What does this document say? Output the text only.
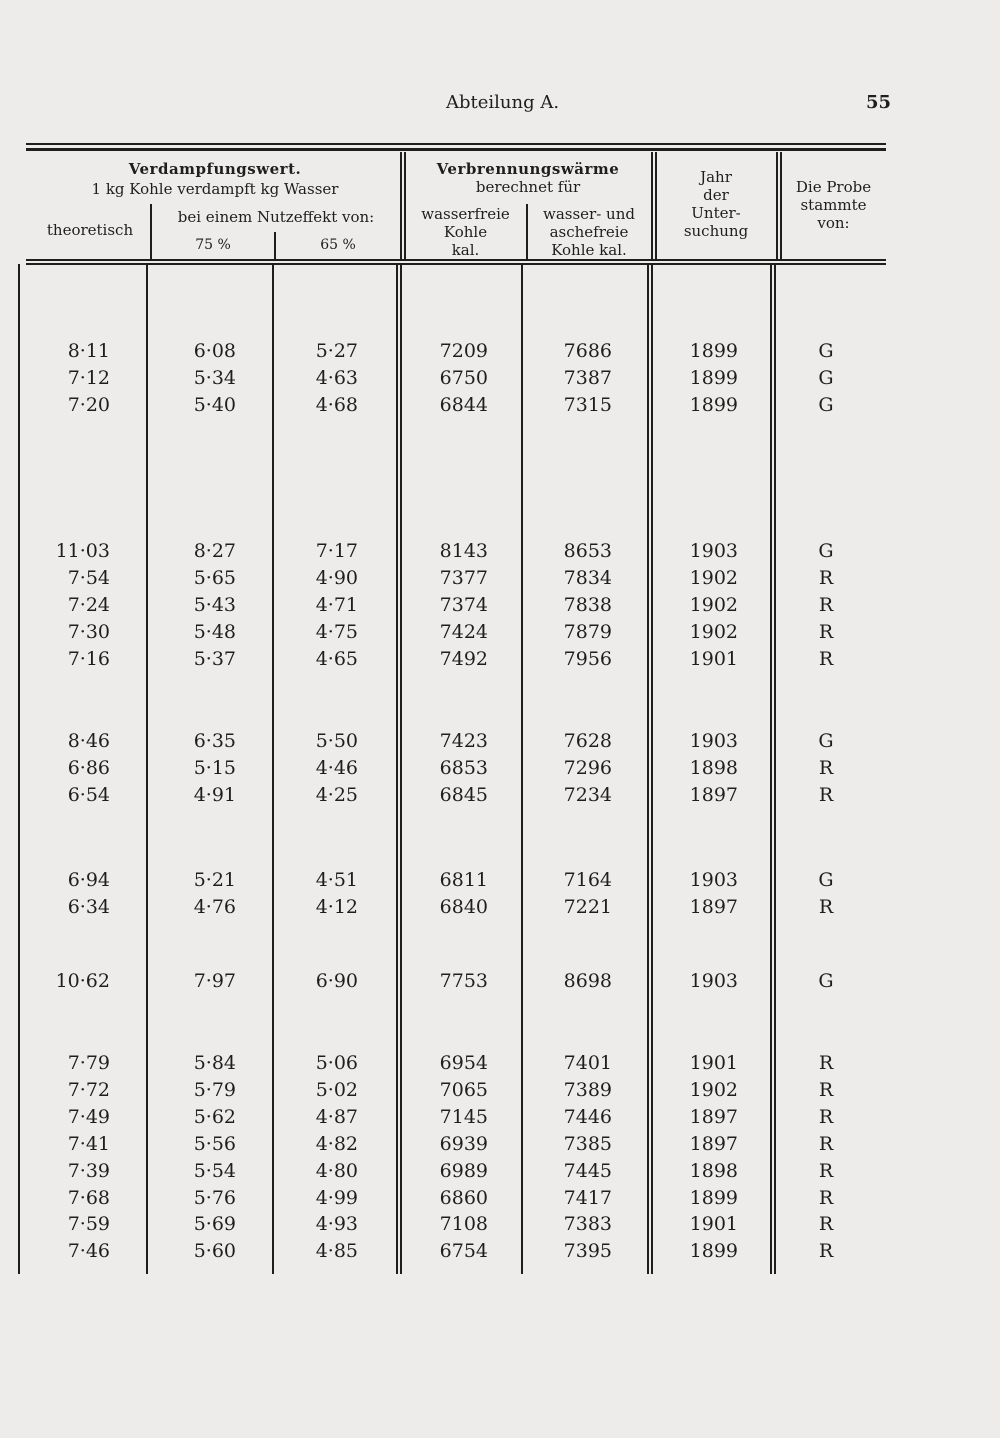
Abteilung A.	55
Verdampfungswert.
1 kg Kohle verdampft kg Wasser
theoretisch
bei einem Nutzeffekt von:
75 %	65 %
Verbrennungswärme
berechnet für
wasserfreie
Kohle
kal.
wasser- und
aschefreie
Kohle kal.
Jahr
der
Unter-
suchung
Die Probe
stammte
von:
8·11	6·08	5·27	7209	7686	1899	G
7·12	5·34	4·63	6750	7387	1899	G
7·20	5·40	4·68	6844	7315	1899	G
11·03	8·27	7·17	8143	8653	1903	G
7·54	5·65	4·90	7377	7834	1902	R
7·24	5·43	4·71	7374	7838	1902	R
7·30	5·48	4·75	7424	7879	1902	R
7·16	5·37	4·65	7492	7956	1901	R
8·46	6·35	5·50	7423	7628	1903	G
6·86	5·15	4·46	6853	7296	1898	R
6·54	4·91	4·25	6845	7234	1897	R
6·94	5·21	4·51	6811	7164	1903	G
6·34	4·76	4·12	6840	7221	1897	R
10·62	7·97	6·90	7753	8698	1903	G
7·79	5·84	5·06	6954	7401	1901	R
7·72	5·79	5·02	7065	7389	1902	R
7·49	5·62	4·87	7145	7446	1897	R
7·41	5·56	4·82	6939	7385	1897	R
7·39	5·54	4·80	6989	7445	1898	R
7·68	5·76	4·99	6860	7417	1899	R
7·59	5·69	4·93	7108	7383	1901	R
7·46	5·60	4·85	6754	7395	1899	R
